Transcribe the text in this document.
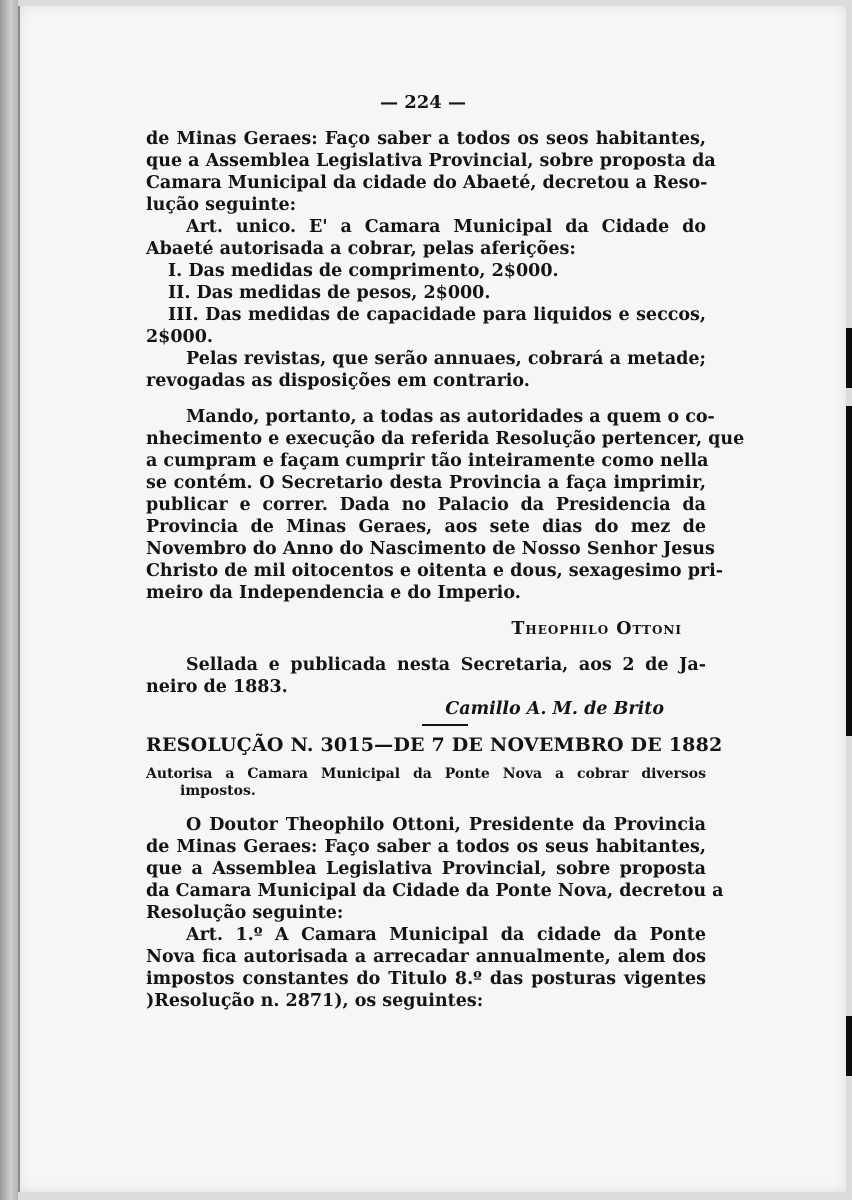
— 224 —
de Minas Geraes: Faço saber a todos os seos habitantes,
que a Assemblea Legislativa Provincial, sobre proposta da
Camara Municipal da cidade do Abaeté, decretou a Reso-
lução seguinte:
Art. unico. E' a Camara Municipal da Cidade do
Abaeté autorisada a cobrar, pelas aferições:
I. Das medidas de comprimento, 2$000.
II. Das medidas de pesos, 2$000.
III. Das medidas de capacidade para liquidos e seccos,
2$000.
Pelas revistas, que serão annuaes, cobrará a metade;
revogadas as disposições em contrario.
Mando, portanto, a todas as autoridades a quem o co-
nhecimento e execução da referida Resolução pertencer, que
a cumpram e façam cumprir tão inteiramente como nella
se contém. O Secretario desta Provincia a faça imprimir,
publicar e correr. Dada no Palacio da Presidencia da
Provincia de Minas Geraes, aos sete dias do mez de
Novembro do Anno do Nascimento de Nosso Senhor Jesus
Christo de mil oitocentos e oitenta e dous, sexagesimo pri-
meiro da Independencia e do Imperio.
Theophilo Ottoni
Sellada e publicada nesta Secretaria, aos 2 de Ja-
neiro de 1883.
Camillo A. M. de Brito
RESOLUÇÃO N. 3015—DE 7 DE NOVEMBRO DE 1882
Autorisa a Camara Municipal da Ponte Nova a cobrar diversos
impostos.
O Doutor Theophilo Ottoni, Presidente da Provincia
de Minas Geraes: Faço saber a todos os seus habitantes,
que a Assemblea Legislativa Provincial, sobre proposta
da Camara Municipal da Cidade da Ponte Nova, decretou a
Resolução seguinte:
Art. 1.º A Camara Municipal da cidade da Ponte
Nova fica autorisada a arrecadar annualmente, alem dos
impostos constantes do Titulo 8.º das posturas vigentes
)Resolução n. 2871), os seguintes:
